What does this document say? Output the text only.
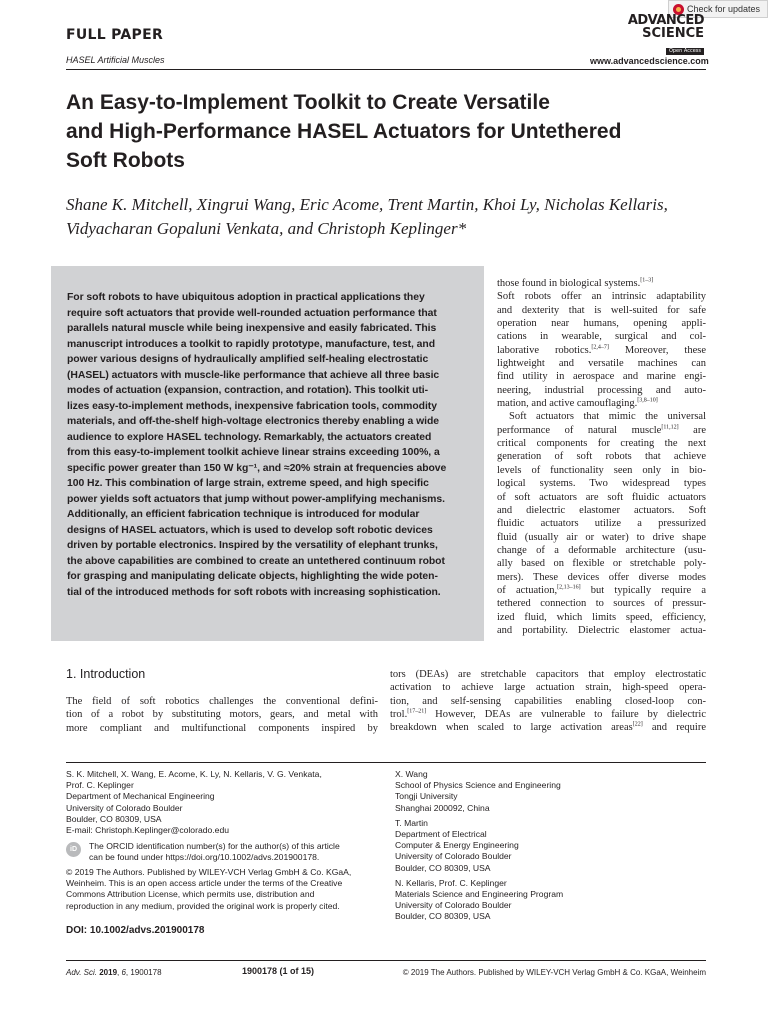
Check for updates
FULL PAPER
HASEL Artificial Muscles
ADVANCED
SCIENCE
Open Access
www.advancedscience.com
An Easy-to-Implement Toolkit to Create Versatile
and High-Performance HASEL Actuators for Untethered
Soft Robots
Shane K. Mitchell, Xingrui Wang, Eric Acome, Trent Martin, Khoi Ly, Nicholas Kellaris,
Vidyacharan Gopaluni Venkata, and Christoph Keplinger*
For soft robots to have ubiquitous adoption in practical applications they
require soft actuators that provide well-rounded actuation performance that
parallels natural muscle while being inexpensive and easily fabricated. This
manuscript introduces a toolkit to rapidly prototype, manufacture, test, and
power various designs of hydraulically amplified self-healing electrostatic
(HASEL) actuators with muscle-like performance that achieve all three basic
modes of actuation (expansion, contraction, and rotation). This toolkit uti-
lizes easy-to-implement methods, inexpensive fabrication tools, commodity
materials, and off-the-shelf high-voltage electronics thereby enabling a wide
audience to explore HASEL technology. Remarkably, the actuators created
from this easy-to-implement toolkit achieve linear strains exceeding 100%, a
specific power greater than 150 W kg⁻¹, and ≈20% strain at frequencies above
100 Hz. This combination of large strain, extreme speed, and high specific
power yields soft actuators that jump without power-amplifying mechanisms.
Additionally, an efficient fabrication technique is introduced for modular
designs of HASEL actuators, which is used to develop soft robotic devices
driven by portable electronics. Inspired by the versatility of elephant trunks,
the above capabilities are combined to create an untethered continuum robot
for grasping and manipulating delicate objects, highlighting the wide poten-
tial of the introduced methods for soft robots with increasing sophistication.
those found in biological systems.[1–3]
Soft robots offer an intrinsic adaptability
and dexterity that is well-suited for safe
operation near humans, opening appli-
cations in wearable, surgical and col-
laborative robotics.[2,4–7] Moreover, these
lightweight and versatile machines can
find utility in aerospace and marine engi-
neering, industrial processing and auto-
mation, and active camouflaging.[3,8–10]
Soft actuators that mimic the universal
performance of natural muscle[11,12] are
critical components for creating the next
generation of soft robots that achieve
levels of functionality seen only in bio-
logical systems. Two widespread types
of soft actuators are soft fluidic actuators
and dielectric elastomer actuators. Soft
fluidic actuators utilize a pressurized
fluid (usually air or water) to drive shape
change of a deformable architecture (usu-
ally based on flexible or stretchable poly-
mers). These devices offer diverse modes
of actuation,[2,13–16] but typically require a
tethered connection to sources of pressur-
ized fluid, which limits speed, efficiency,
and portability. Dielectric elastomer actua-
1. Introduction
The field of soft robotics challenges the conventional defini-
tion of a robot by substituting motors, gears, and metal with
more compliant and multifunctional components inspired by
tors (DEAs) are stretchable capacitors that employ electrostatic
activation to achieve large actuation strain, high-speed opera-
tion, and self-sensing capabilities enabling closed-loop con-
trol.[17–21] However, DEAs are vulnerable to failure by dielectric
breakdown when scaled to large activation areas[22] and require
S. K. Mitchell, X. Wang, E. Acome, K. Ly, N. Kellaris, V. G. Venkata,
Prof. C. Keplinger
Department of Mechanical Engineering
University of Colorado Boulder
Boulder, CO 80309, USA
E-mail: Christoph.Keplinger@colorado.edu
iD	The ORCID identification number(s) for the author(s) of this article
can be found under https://doi.org/10.1002/advs.201900178.
© 2019 The Authors. Published by WILEY-VCH Verlag GmbH & Co. KGaA,
Weinheim. This is an open access article under the terms of the Creative
Commons Attribution License, which permits use, distribution and
reproduction in any medium, provided the original work is properly cited.
DOI: 10.1002/advs.201900178
X. Wang
School of Physics Science and Engineering
Tongji University
Shanghai 200092, China
T. Martin
Department of Electrical
Computer & Energy Engineering
University of Colorado Boulder
Boulder, CO 80309, USA
N. Kellaris, Prof. C. Keplinger
Materials Science and Engineering Program
University of Colorado Boulder
Boulder, CO 80309, USA
Adv. Sci. 2019, 6, 1900178	1900178 (1 of 15)	© 2019 The Authors. Published by WILEY-VCH Verlag GmbH & Co. KGaA, Weinheim
